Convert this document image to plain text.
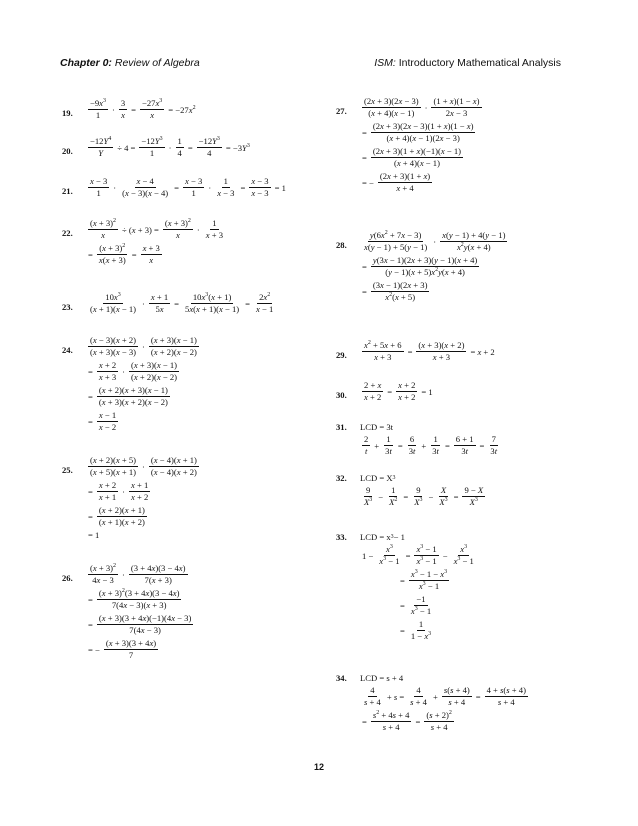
Chapter 0: Review of Algebra	ISM: Introductory Mathematical Analysis
19.
$-9x^3$
1
· $\frac{3}{x} = \frac{-27x^3}{x} = -27x^2$
20. $\frac{-12Y^4}{Y} \div 4 = \frac{-12Y^3}{1} \cdot \frac{1}{4} = \frac{-12Y^3}{4} = -3Y^3$
21.
x − 3
1
· $\frac{x - 4}{(x - 3)(x - 4)} = \frac{x - 3}{1} \cdot \frac{1}{x - 3} = \frac{x - 3}{x - 3} = 1$
22. $\frac{(x + 3)^2}{x} \div (x + 3) = \frac{(x + 3)^2}{x}$ ·
1
x + 3
= $\frac{(x + 3)^2}{x(x + 3)} = \frac{x + 3}{x}$
23.
$10x^3$
(x + 1)(x − 1)
· $\frac{x + 1}{5x} = \frac{10x^3(x + 1)}{5x(x + 1)(x - 1)} = \frac{2x^2}{x - 1}$
24.
(x − 3)(x + 2)
(x + 3)(x − 3)
·
(x + 3)(x − 1)
(x + 2)(x − 2)
= $\frac{x + 2}{x + 3}$ ·
(x + 3)(x − 1)
(x + 2)(x − 2)
= $\frac{(x + 2)(x + 3)(x - 1)}{(x + 3)(x + 2)(x - 2)}$
= $\frac{x - 1}{x - 2}$
25.
(x + 2)(x + 5)
(x + 5)(x + 1)
·
(x − 4)(x + 1)
(x − 4)(x + 2)
= $\frac{x + 2}{x + 1}$ ·
x + 1
x + 2
= $\frac{(x + 2)(x + 1)}{(x + 1)(x + 2)}$
= 1
26.
$(x + 3)^2$
4x − 3
·
(3 + 4x)(3 − 4x)
7(x + 3)
= $\frac{(x + 3)^2(3 + 4x)(3 - 4x)}{7(4x - 3)(x + 3)}$
= $\frac{(x + 3)(3 + 4x)(-1)(4x - 3)}{7(4x - 3)}$
= − $\frac{(x + 3)(3 + 4x)}{7}$
27.
(2x + 3)(2x − 3)
(x + 4)(x − 1)
·
(1 + x)(1 − x)
2x − 3
= $\frac{(2x + 3)(2x - 3)(1 + x)(1 - x)}{(x + 4)(x - 1)(2x - 3)}$
= $\frac{(2x + 3)(1 + x)(-1)(x - 1)}{(x + 4)(x - 1)}$
= − $\frac{(2x + 3)(1 + x)}{x + 4}$
28.
$y(6x^2 + 7x - 3)$
x(y − 1) + 5(y − 1)
·
x(y − 1) + 4(y − 1)
$x^2y(x + 4)$
= $\frac{y(3x - 1)(2x + 3)(y - 1)(x + 4)}{(y - 1)(x + 5)x^2y(x + 4)}$
= $\frac{(3x - 1)(2x + 3)}{x^2(x + 5)}$
29. $\frac{x^2 + 5x + 6}{x + 3} = \frac{(x + 3)(x + 2)}{x + 3} = x + 2$
30. $\frac{2 + x}{x + 2} = \frac{x + 2}{x + 2} = 1$
31. LCD = 3t
2
t
+ $\frac{1}{3t} = \frac{6}{3t} + \frac{1}{3t} = \frac{6 + 1}{3t} = \frac{7}{3t}$
32. LCD = X 3
9
$X^3 - \frac{1}{X^2} = \frac{9}{X^3} - \frac{X}{X^3} = \frac{9 - X}{X^3}$
33. LCD = x 3 − 1
$1 - \frac{x^3}{x^3 - 1} = \frac{x^3 - 1}{x^3 - 1} - \frac{x^3}{x^3 - 1}$
= $\frac{x^3 - 1 - x^3}{x^3 - 1}$
= $\frac{-1}{x^3 - 1}$
= $\frac{1}{1 - x^3}$
34. LCD = s + 4
4
s + 4
+ $s = \frac{4}{s + 4} + \frac{s(s + 4)}{s + 4} = \frac{4 + s(s + 4)}{s + 4}$
= $\frac{s^2 + 4s + 4}{s + 4} = \frac{(s + 2)^2}{s + 4}$
12
